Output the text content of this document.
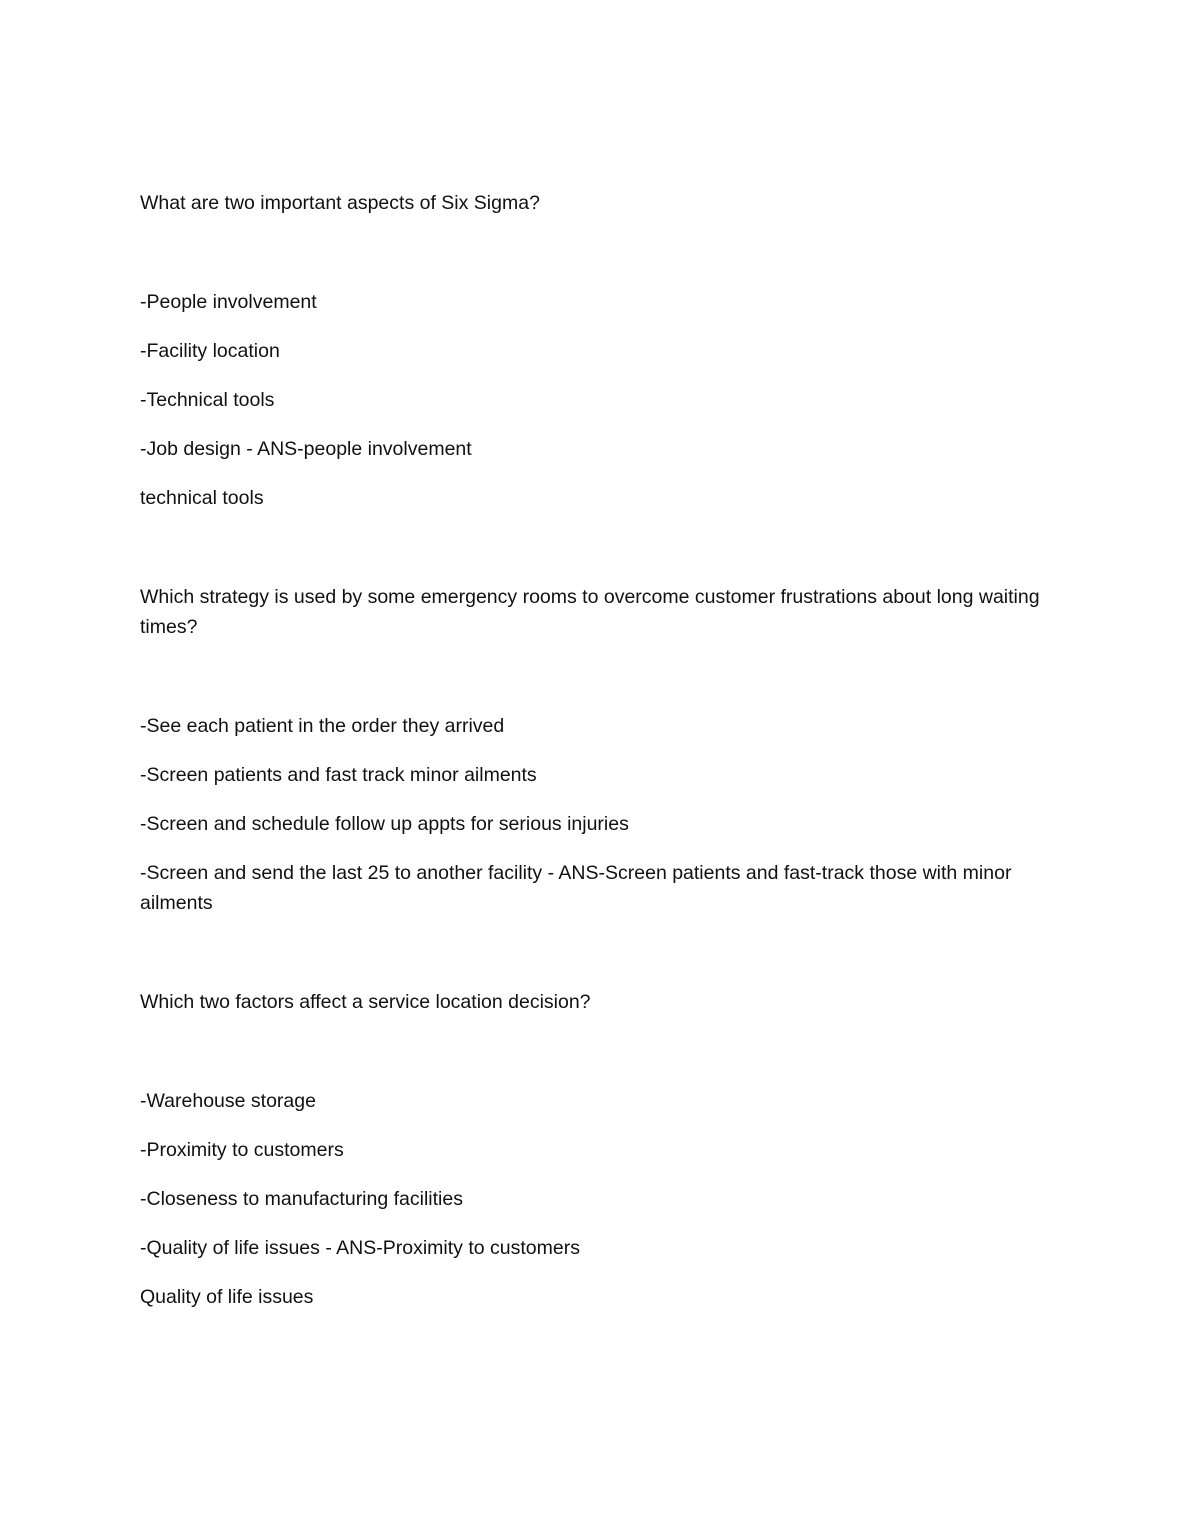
What are two important aspects of Six Sigma?

-People involvement

-Facility location

-Technical tools

-Job design - ANS-people involvement

technical tools

Which strategy is used by some emergency rooms to overcome customer frustrations about long waiting times?

-See each patient in the order they arrived

-Screen patients and fast track minor ailments

-Screen and schedule follow up appts for serious injuries

-Screen and send the last 25 to another facility - ANS-Screen patients and fast-track those with minor ailments

Which two factors affect a service location decision?

-Warehouse storage

-Proximity to customers

-Closeness to manufacturing facilities

-Quality of life issues - ANS-Proximity to customers

Quality of life issues
